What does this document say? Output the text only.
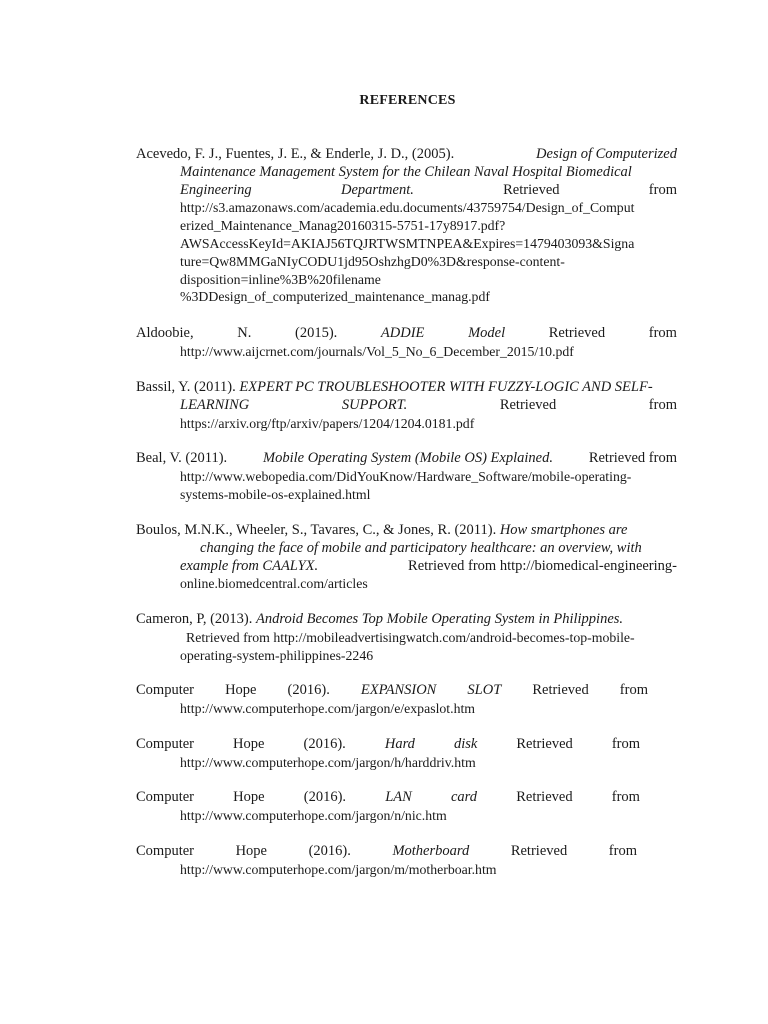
REFERENCES
Acevedo, F. J., Fuentes, J. E., & Enderle, J. D., (2005).	Design of Computerized
Maintenance Management System for the Chilean Naval Hospital Biomedical
Engineering	Department.	Retrieved	from
http://s3.amazonaws.com/academia.edu.documents/43759754/Design_of_Comput
erized_Maintenance_Manag20160315-5751-17y8917.pdf?
AWSAccessKeyId=AKIAJ56TQJRTWSMTNPEA&Expires=1479403093&Signa
ture=Qw8MMGaNIyCODU1jd95OshzhgD0%3D&response-content-
disposition=inline%3B%20filename
%3DDesign_of_computerized_maintenance_manag.pdf
Aldoobie,	N.	(2015).	ADDIE	Model	Retrieved	from
http://www.aijcrnet.com/journals/Vol_5_No_6_December_2015/10.pdf
Bassil, Y. (2011). EXPERT PC TROUBLESHOOTER WITH FUZZY-LOGIC AND SELF-
LEARNING	SUPPORT.	Retrieved	from
https://arxiv.org/ftp/arxiv/papers/1204/1204.0181.pdf
Beal, V. (2011). Mobile Operating System (Mobile OS) Explained. Retrieved from
http://www.webopedia.com/DidYouKnow/Hardware_Software/mobile-operating-
systems-mobile-os-explained.html
Boulos, M.N.K., Wheeler, S., Tavares, C., & Jones, R. (2011). How smartphones are
changing the face of mobile and participatory healthcare: an overview, with
example from CAALYX.	Retrieved from http://biomedical-engineering-
online.biomedcentral.com/articles
Cameron, P, (2013). Android Becomes Top Mobile Operating System in Philippines.
Retrieved from http://mobileadvertisingwatch.com/android-becomes-top-mobile-
operating-system-philippines-2246
Computer Hope (2016). EXPANSION SLOT Retrieved from
http://www.computerhope.com/jargon/e/expaslot.htm
Computer	Hope	(2016).	Hard	disk	Retrieved	from
http://www.computerhope.com/jargon/h/harddriv.htm
Computer	Hope	(2016).	LAN	card	Retrieved	from
http://www.computerhope.com/jargon/n/nic.htm
Computer	Hope	(2016).	Motherboard	Retrieved	from
http://www.computerhope.com/jargon/m/motherboar.htm
